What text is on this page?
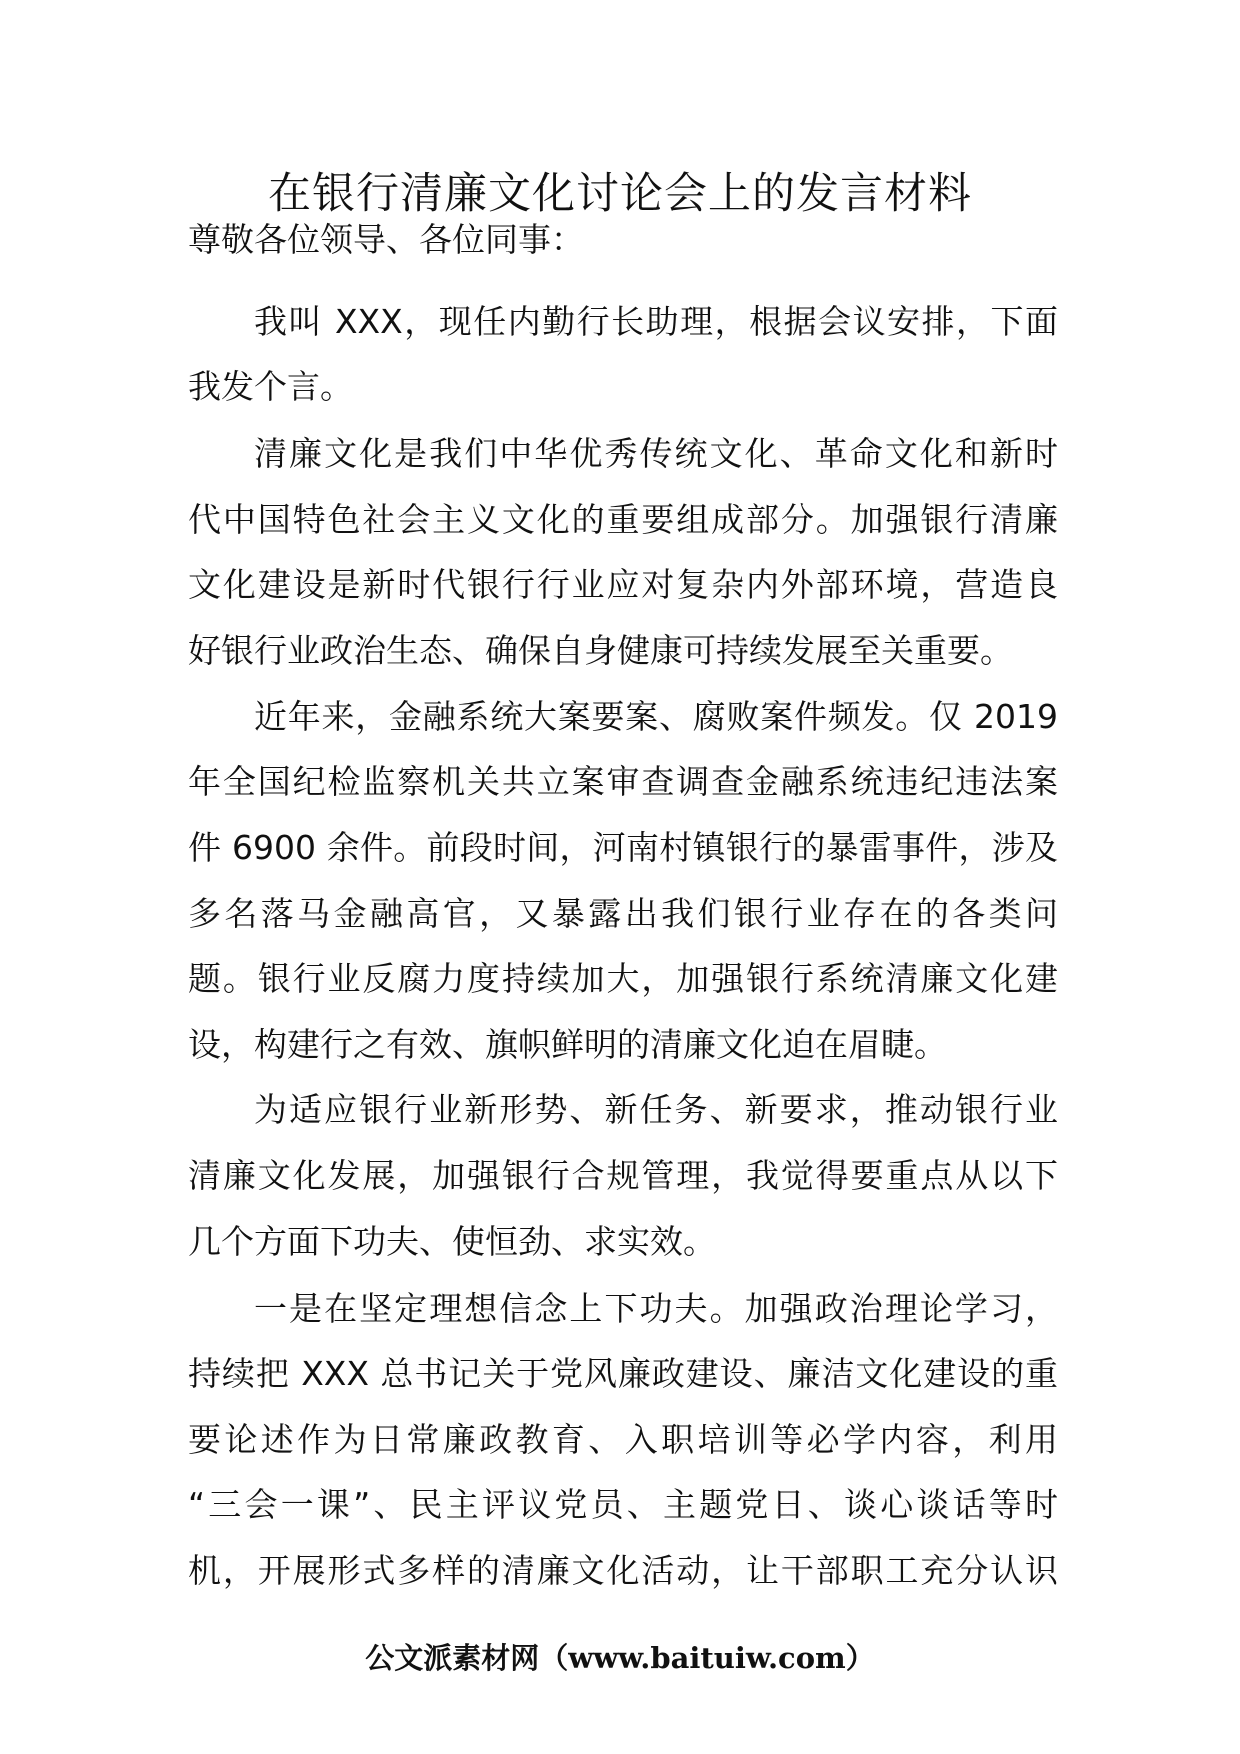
在银行清廉文化讨论会上的发言材料
尊敬各位领导、各位同事：
我叫 XXX，现任内勤行长助理，根据会议安排，下面
我发个言。
清廉文化是我们中华优秀传统文化、革命文化和新时
代中国特色社会主义文化的重要组成部分。加强银行清廉
文化建设是新时代银行行业应对复杂内外部环境，营造良
好银行业政治生态、确保自身健康可持续发展至关重要。
近年来，金融系统大案要案、腐败案件频发。仅 2019
年全国纪检监察机关共立案审查调查金融系统违纪违法案
件 6900 余件。前段时间，河南村镇银行的暴雷事件，涉及
多名落马金融高官，又暴露出我们银行业存在的各类问
题。银行业反腐力度持续加大，加强银行系统清廉文化建
设，构建行之有效、旗帜鲜明的清廉文化迫在眉睫。
为适应银行业新形势、新任务、新要求，推动银行业
清廉文化发展，加强银行合规管理，我觉得要重点从以下
几个方面下功夫、使恒劲、求实效。
一是在坚定理想信念上下功夫。加强政治理论学习，
持续把 XXX 总书记关于党风廉政建设、廉洁文化建设的重
要论述作为日常廉政教育、入职培训等必学内容，利用
“三会一课”、民主评议党员、主题党日、谈心谈话等时
机，开展形式多样的清廉文化活动，让干部职工充分认识
公文派素材网（www.baituiw.com）
